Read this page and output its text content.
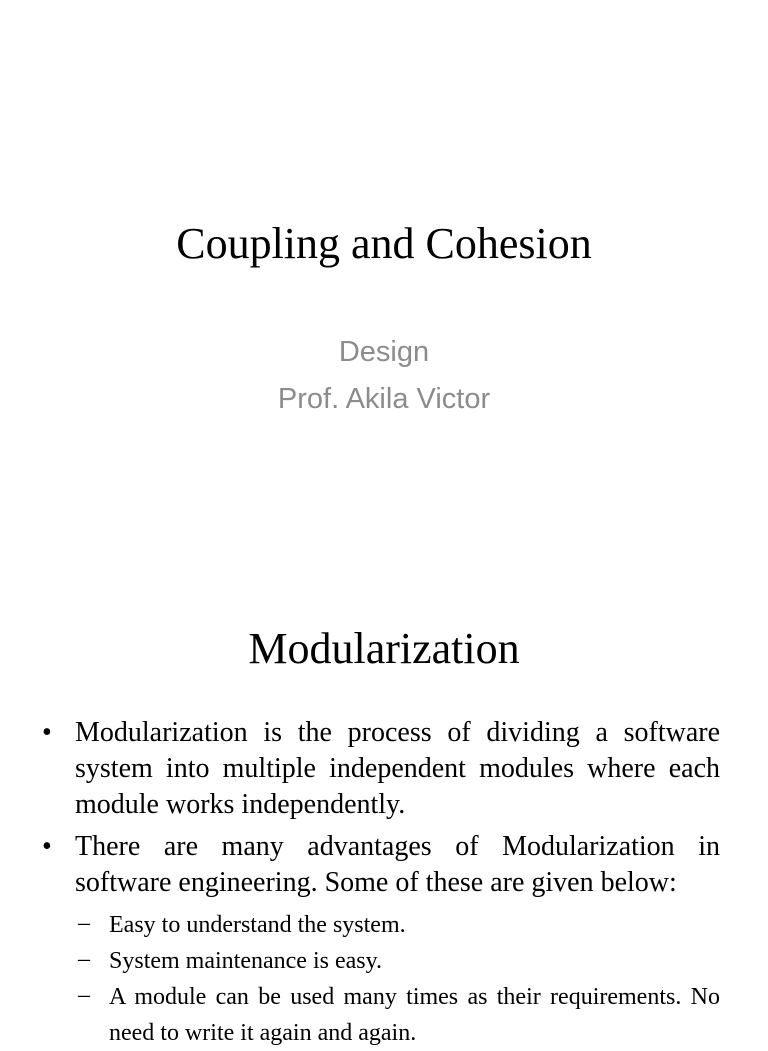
Coupling and Cohesion
Design
Prof. Akila Victor
Modularization
• Modularization is the process of dividing a software system into multiple independent modules where each module works independently.
• There are many advantages of Modularization in software engineering. Some of these are given below:
– Easy to understand the system.
– System maintenance is easy.
– A module can be used many times as their requirements. No need to write it again and again.
